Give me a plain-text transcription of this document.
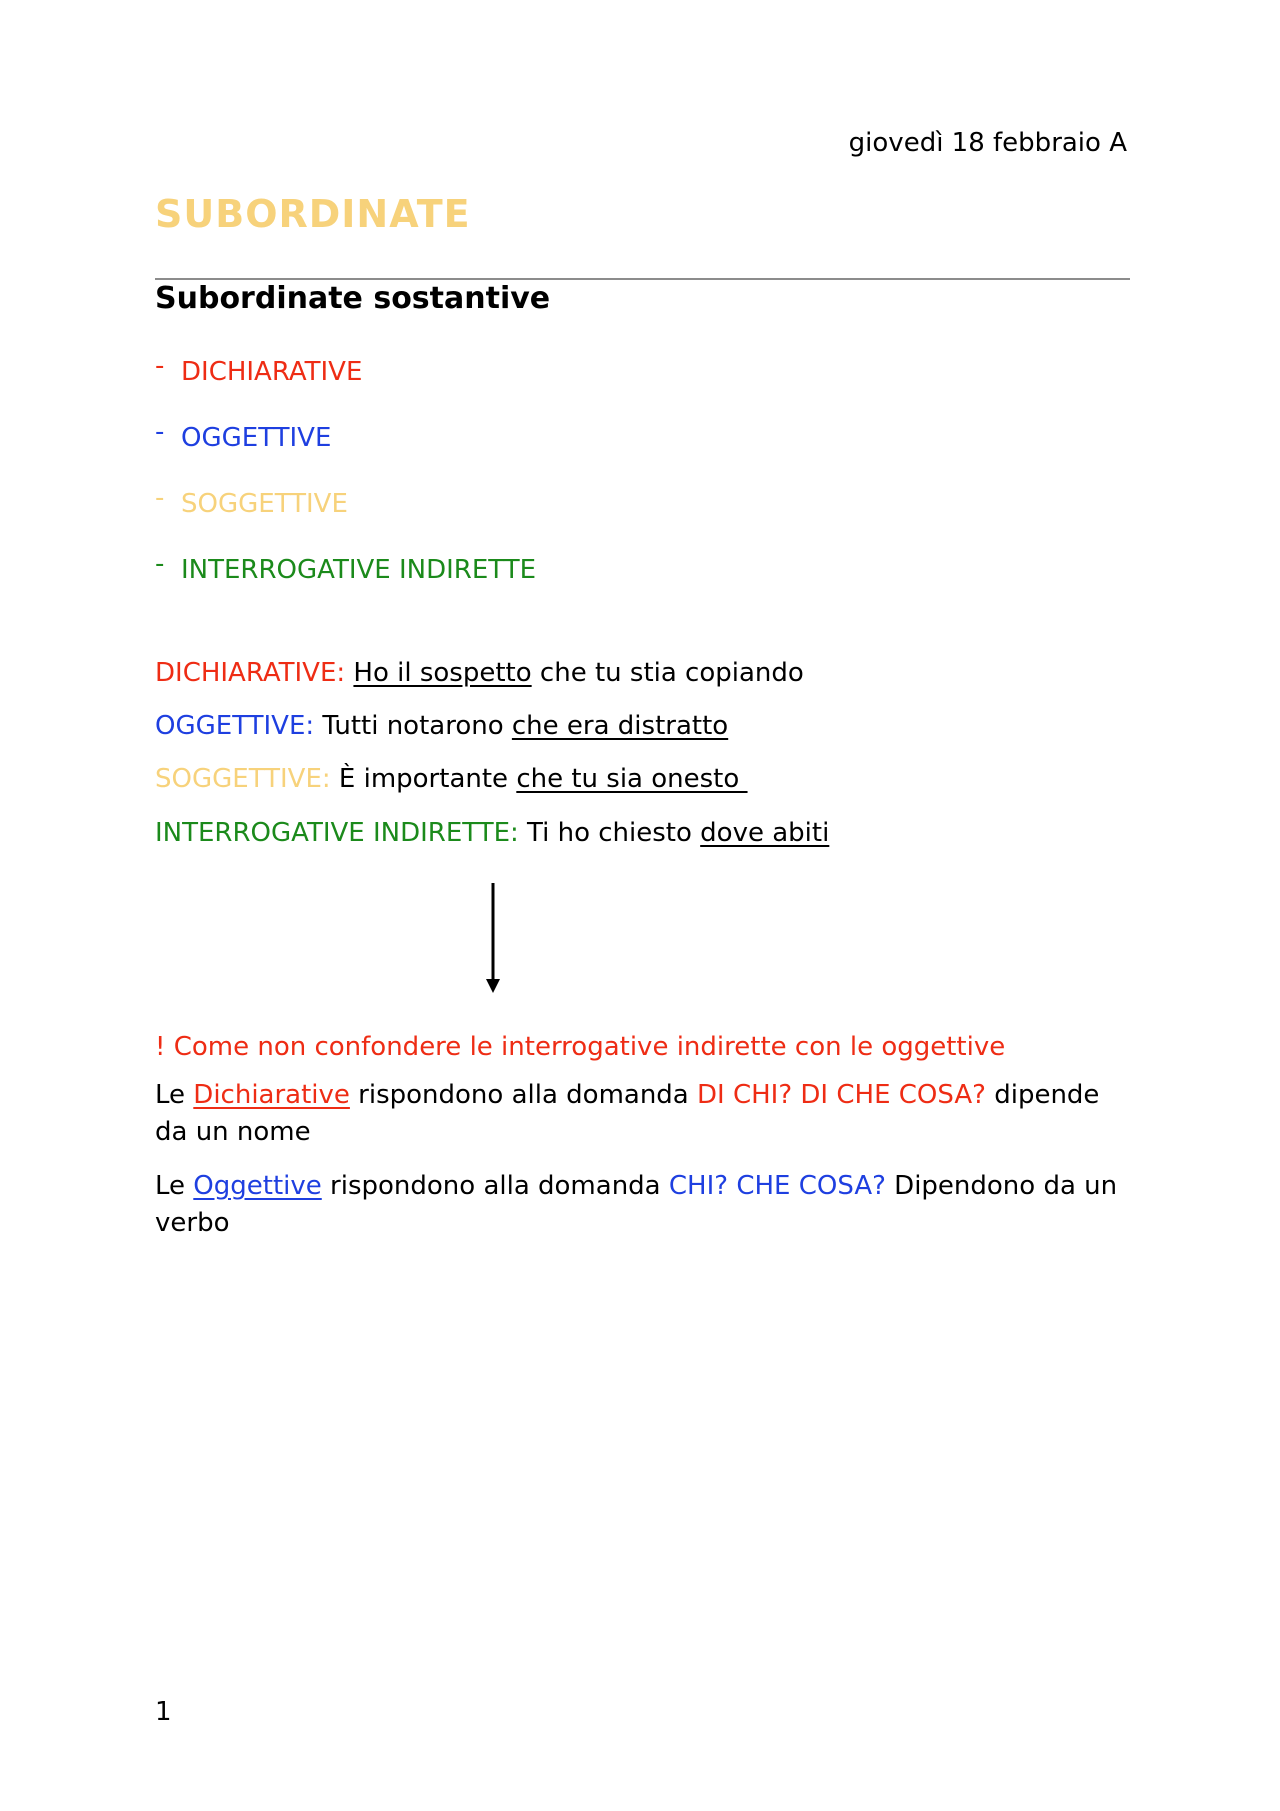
giovedì 18 febbraio A

SUBORDINATE
Subordinate sostantive
- DICHIARATIVE
- OGGETTIVE
- SOGGETTIVE
- INTERROGATIVE INDIRETTE

DICHIARATIVE: Ho il sospetto che tu stia copiando

OGGETTIVE: Tutti notarono che era distratto

SOGGETTIVE: È importante che tu sia onesto

INTERROGATIVE INDIRETTE: Ti ho chiesto dove abiti

! Come non confondere le interrogative indirette con le oggettive

Le Dichiarative rispondono alla domanda DI CHI? DI CHE COSA? dipende da un nome

Le Oggettive rispondono alla domanda CHI? CHE COSA? Dipendono da un verbo

1
